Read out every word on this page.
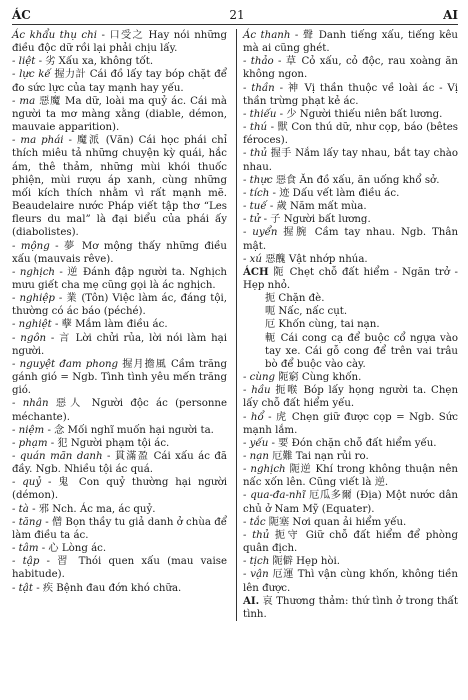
ÁC	21	AI

Ác khẩu thụ chi - 口受之 Hay nói những điều độc dữ rồi lại phải chịu lấy.

- liệt - 劣 Xấu xa, không tốt.

- lực kế 握力計 Cái đồ lấy tay bóp chặt để đo sức lực của tay mạnh hay yếu.

- ma 惡魔 Ma dữ, loài ma quỷ ác. Cái mà người ta mơ màng xằng (diable, démon, mauvaie apparition).

- ma phái - 魔派 (Văn) Cái học phái chỉ thích miêu tả những chuyện kỳ quái, hắc ám, thê thảm, những mùi khói thuốc phiện, mùi rượu áp xanh, cùng những mối kích thích nhằm vì rất mạnh mẽ. Beaudelaire nước Pháp viết tập thơ “Les fleurs du mal” là đại biểu của phái ấy (diabolistes).

- mộng - 夢 Mơ mộng thấy những điều xấu (mauvais rêve).

- nghịch - 逆 Đánh đập người ta. Nghịch mưu giết cha mẹ cũng gọi là ác nghịch.

- nghiệp - 業 (Tôn) Việc làm ác, đáng tội, thường có ác báo (péché).

- nghiệt - 孽 Mắm làm điều ác.

- ngôn - 言 Lời chửi rủa, lời nói làm hại người.

- nguyệt đam phong 握月擔風 Cầm trăng gánh gió = Ngb. Tình tình yêu mến trăng gió.

- nhân 惡人 Người độc ác (personne méchante).

- niệm - 念 Mối nghĩ muốn hại người ta.

- phạm - 犯 Người phạm tội ác.

- quán mãn danh - 貫滿盈 Cái xấu ác đã đầy. Ngb. Nhiều tội ác quá.

- quỷ - 鬼 Con quỷ thường hại người (démon).

- tà - 邪 Nch. Ác ma, ác quỷ.

- tăng - 僧 Bọn thầy tu giả danh ở chùa để làm điều ta ác.

- tâm - 心 Lòng ác.

- tập - 習 Thói quen xấu (mau vaise habitude).

- tật - 疾 Bệnh đau đớn khó chữa.

Ác thanh - 聲 Danh tiếng xấu, tiếng kêu mà ai cũng ghét.

- thảo - 草 Cỏ xấu, cỏ độc, rau xoàng ăn không ngon.

- thần - 神 Vị thần thuộc về loài ác - Vị thần trừng phạt kẻ ác.

- thiếu - 少 Người thiếu niên bất lương.

- thú - 獸 Con thú dữ, như cọp, báo (bêtes féroces).

- thủ 握手 Nắm lấy tay nhau, bắt tay chào nhau.

- thực 惡食 Ăn đồ xấu, ăn uống khổ sở.

- tích - 迹 Dấu vết làm điều ác.

- tuế - 歲 Năm mất mùa.

- tử - 子 Người bất lương.

- uyển 握腕 Cầm tay nhau. Ngb. Thân mật.

- xú 惡醜 Vật nhớp nhúa.

ÁCH 阨 Chẹt chỗ đất hiểm - Ngăn trở - Hẹp nhỏ.

扼 Chặn đè.

呃 Nấc, nấc cụt.

厄 Khốn cùng, tai nạn.

軛 Cái cong cạ để buộc cổ ngựa vào tay xe. Cái gỗ cong để trên vai trâu bò để buộc vào cày.

- cùng 阨窮 Cùng khốn.

- hầu 扼喉 Bóp lấy họng người ta. Chẹn lấy chỗ đất hiểm yếu.

- hổ - 虎 Chẹn giữ được cọp = Ngb. Sức mạnh lắm.

- yếu - 要 Đón chặn chỗ đất hiểm yếu.

- nạn 厄難 Tai nạn rủi ro.

- nghịch 阨逆 Khí trong không thuận nên nấc xốn lên. Cũng viết là 逆.

- qua-đa-nhĩ 厄瓜多爾 (Địa) Một nước dân chủ ở Nam Mỹ (Equater).

- tắc 阨塞 Nơi quan ải hiểm yếu.

- thủ 扼守 Giữ chỗ đất hiểm để phòng quân địch.

- tịch 阨僻 Hẹp hòi.

- vận 厄運 Thì vận cùng khốn, không tiền lên được.

AI. 哀 Thương thảm: thứ tình ở trong thất tình.
